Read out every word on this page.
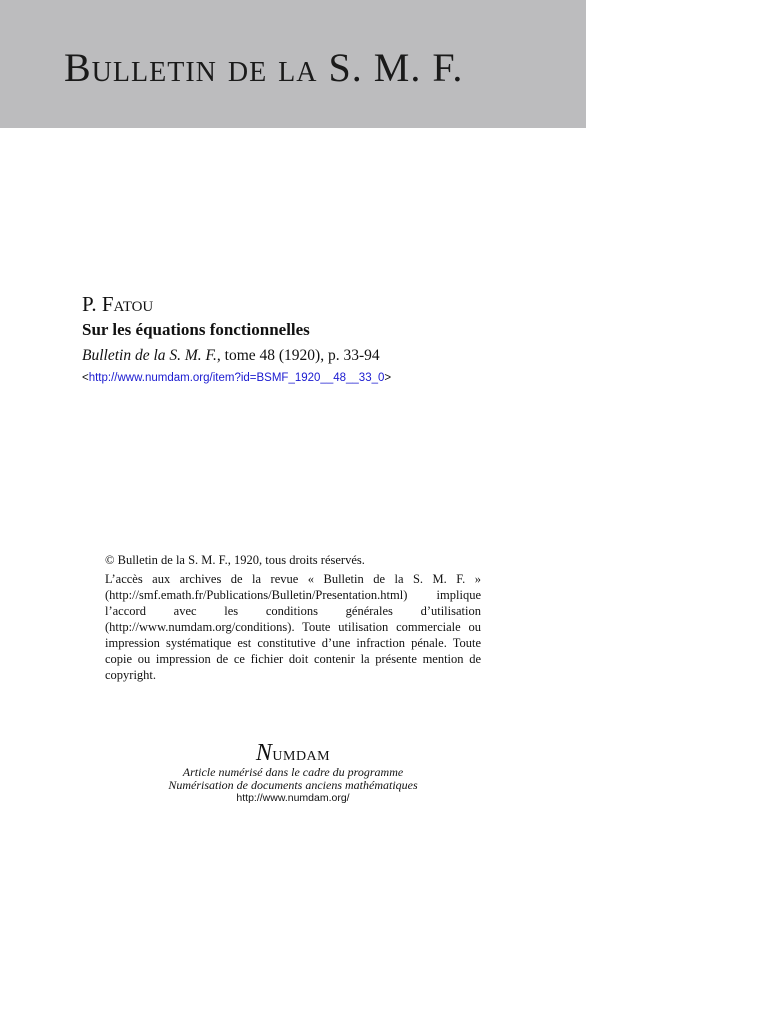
Bulletin de la S. M. F.
P. Fatou
Sur les équations fonctionnelles
Bulletin de la S. M. F., tome 48 (1920), p. 33-94
<http://www.numdam.org/item?id=BSMF_1920__48__33_0>
© Bulletin de la S. M. F., 1920, tous droits réservés.
L’accès aux archives de la revue « Bulletin de la S. M. F. » (http://smf.emath.fr/Publications/Bulletin/Presentation.html) implique l’accord avec les conditions générales d’utilisation (http://www.numdam.org/conditions). Toute utilisation commerciale ou impression systématique est constitutive d’une infraction pénale. Toute copie ou impression de ce fichier doit contenir la présente mention de copyright.
Numdam
Article numérisé dans le cadre du programme
Numérisation de documents anciens mathématiques
http://www.numdam.org/
